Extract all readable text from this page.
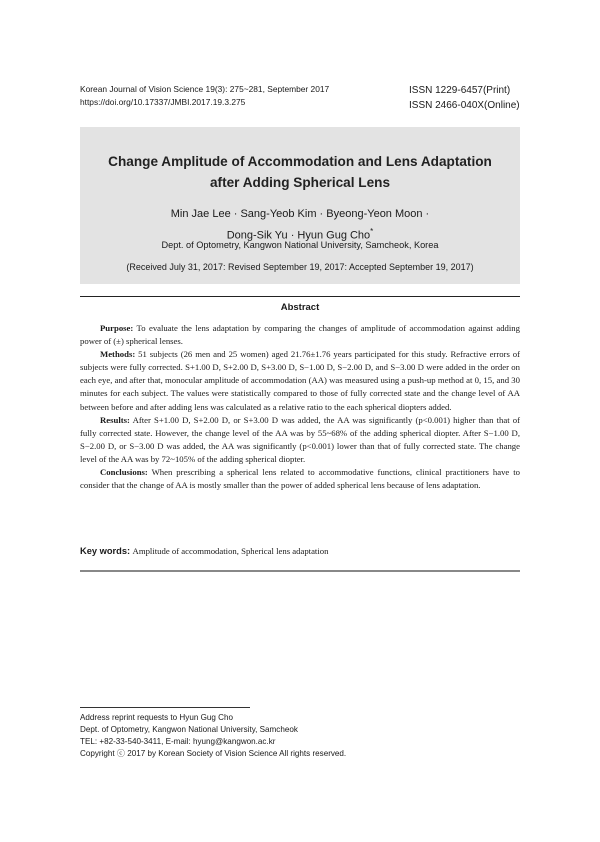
Korean Journal of Vision Science 19(3): 275~281, September 2017
https://doi.org/10.17337/JMBI.2017.19.3.275
ISSN 1229-6457(Print)
ISSN 2466-040X(Online)
Change Amplitude of Accommodation and Lens Adaptation
after Adding Spherical Lens
Min Jae Lee · Sang-Yeob Kim · Byeong-Yeon Moon ·
Dong-Sik Yu · Hyun Gug Cho*
Dept. of Optometry, Kangwon National University, Samcheok, Korea
(Received July 31, 2017: Revised September 19, 2017: Accepted September 19, 2017)
Abstract

Purpose: To evaluate the lens adaptation by comparing the changes of amplitude of accommodation against adding power of (±) spherical lenses.

Methods: 51 subjects (26 men and 25 women) aged 21.76±1.76 years participated for this study. Refractive errors of subjects were fully corrected. S+1.00 D, S+2.00 D, S+3.00 D, S−1.00 D, S−2.00 D, and S−3.00 D were added in the order on each eye, and after that, monocular amplitude of accommodation (AA) was measured using a push-up method at 0, 15, and 30 minutes for each subject. The values were statistically compared to those of fully corrected state and the change level of AA between before and after adding lens was calculated as a relative ratio to the each spherical diopters added.

Results: After S+1.00 D, S+2.00 D, or S+3.00 D was added, the AA was significantly (p<0.001) higher than that of fully corrected state. However, the change level of the AA was by 55~68% of the adding spherical diopter. After S−1.00 D, S−2.00 D, or S−3.00 D was added, the AA was significantly (p<0.001) lower than that of fully corrected state. The change level of the AA was by 72~105% of the adding spherical diopter.

Conclusions: When prescribing a spherical lens related to accommodative functions, clinical practitioners have to consider that the change of AA is mostly smaller than the power of added spherical lens because of lens adaptation.

Key words: Amplitude of accommodation, Spherical lens adaptation
Address reprint requests to Hyun Gug Cho
Dept. of Optometry, Kangwon National University, Samcheok
TEL: +82-33-540-3411, E-mail: hyung@kangwon.ac.kr
Copyright ⓒ 2017 by Korean Society of Vision Science All rights reserved.
